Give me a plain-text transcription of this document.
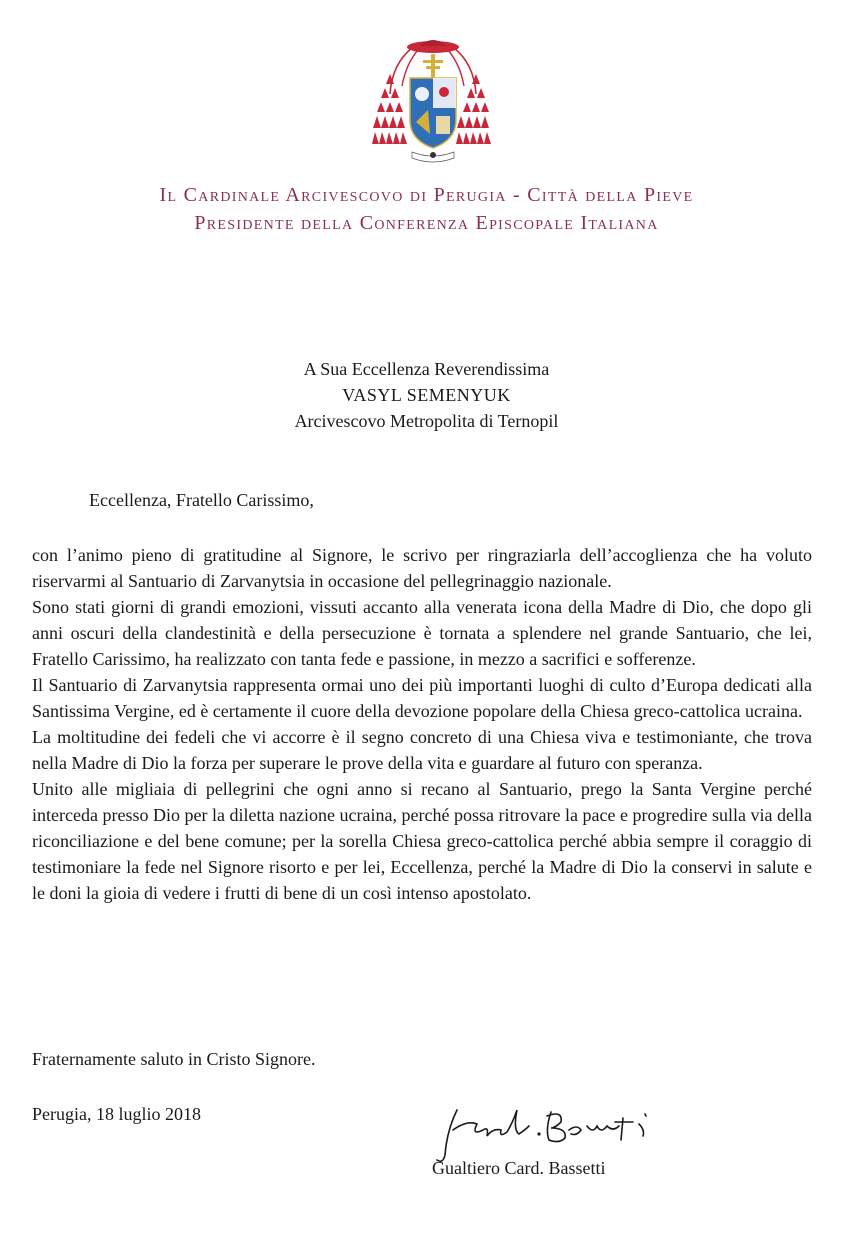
Il Cardinale Arcivescovo di Perugia - Città della Pieve
Presidente della Conferenza Episcopale Italiana
A Sua Eccellenza Reverendissima
VASYL SEMENYUK
Arcivescovo Metropolita di Ternopil
Eccellenza, Fratello Carissimo,

con l’animo pieno di gratitudine al Signore, le scrivo per ringraziarla dell’accoglienza che ha voluto riservarmi al Santuario di Zarvanytsia in occasione del pellegrinaggio nazionale.

Sono stati giorni di grandi emozioni, vissuti accanto alla venerata icona della Madre di Dio, che dopo gli anni oscuri della clandestinità e della persecuzione è tornata a splendere nel grande Santuario, che lei, Fratello Carissimo, ha realizzato con tanta fede e passione, in mezzo a sacrifici e sofferenze.

Il Santuario di Zarvanytsia rappresenta ormai uno dei più importanti luoghi di culto d’Europa dedicati alla Santissima Vergine, ed è certamente il cuore della devozione popolare della Chiesa greco-cattolica ucraina.

La moltitudine dei fedeli che vi accorre è il segno concreto di una Chiesa viva e testimoniante, che trova nella Madre di Dio la forza per superare le prove della vita e guardare al futuro con speranza.

Unito alle migliaia di pellegrini che ogni anno si recano al Santuario, prego la Santa Vergine perché interceda presso Dio per la diletta nazione ucraina, perché possa ritrovare la pace e progredire sulla via della riconciliazione e del bene comune; per la sorella Chiesa greco-cattolica perché abbia sempre il coraggio di testimoniare la fede nel Signore risorto e per lei, Eccellenza, perché la Madre di Dio la conservi in salute e le doni la gioia di vedere i frutti di bene di un così intenso apostolato.

Fraternamente saluto in Cristo Signore.
Perugia, 18 luglio 2018
Gualtiero Card. Bassetti
